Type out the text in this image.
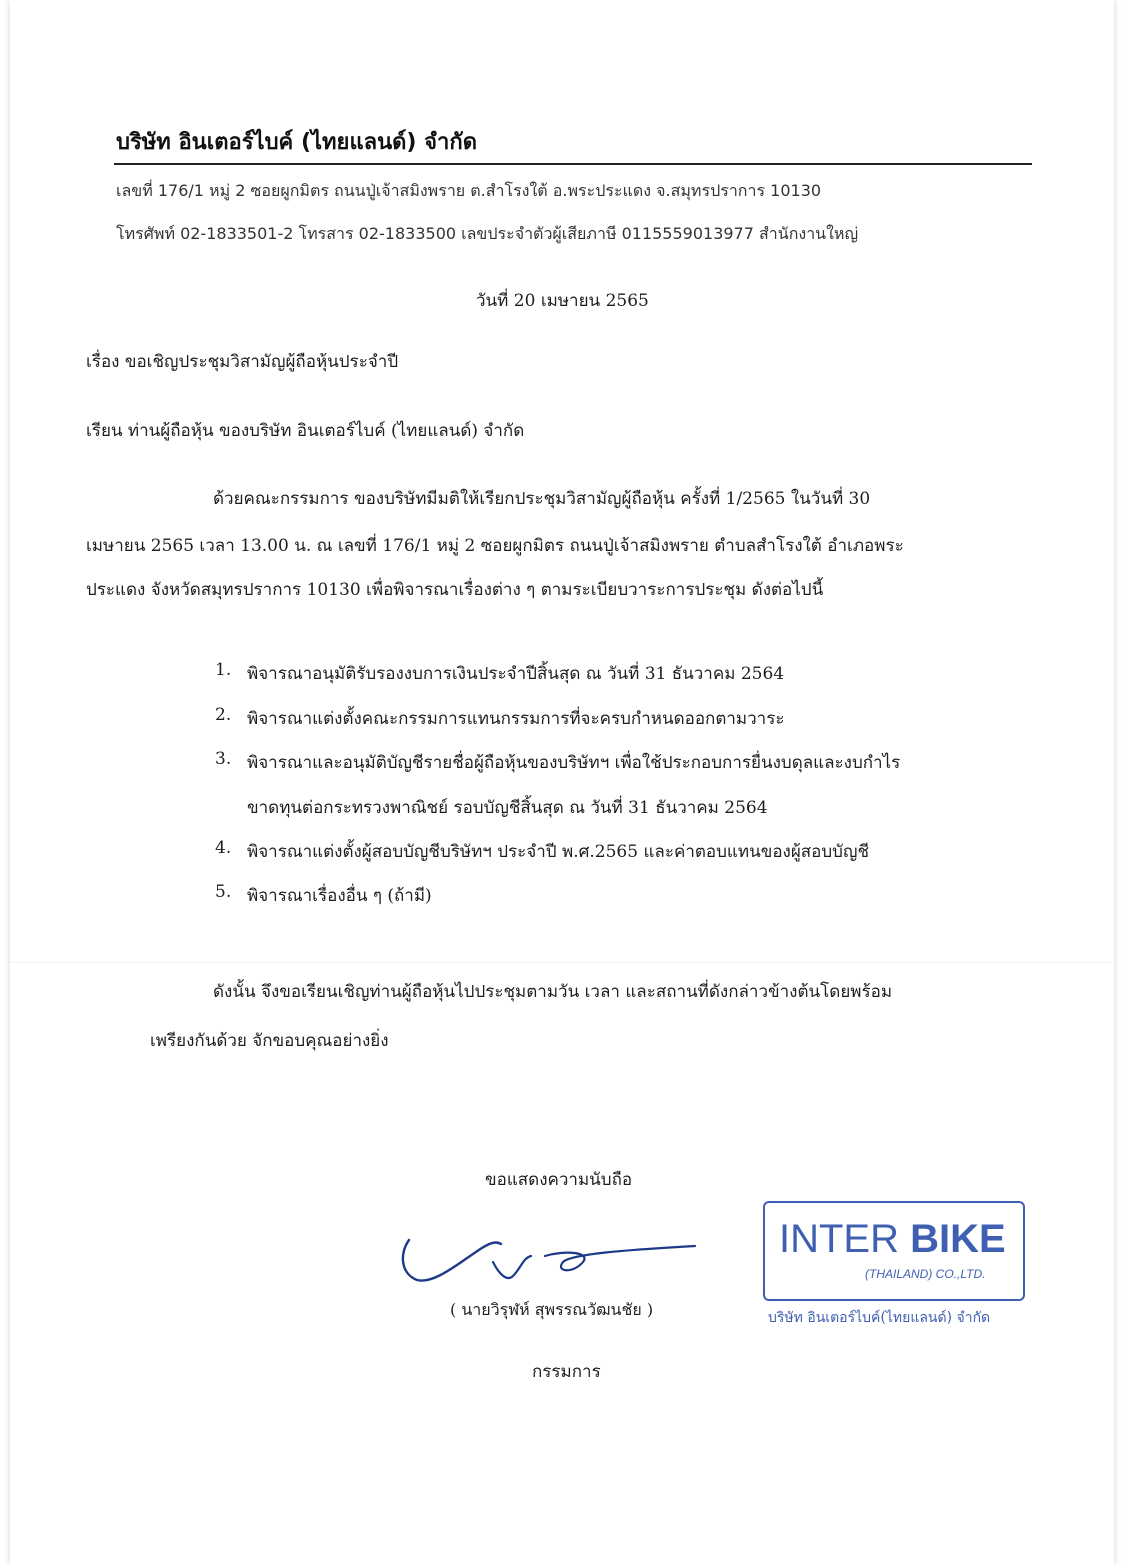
บริษัท อินเตอร์ไบค์ (ไทยแลนด์) จำกัด
เลขที่ 176/1 หมู่ 2 ซอยผูกมิตร ถนนปู่เจ้าสมิงพราย ต.สำโรงใต้ อ.พระประแดง จ.สมุทรปราการ 10130
โทรศัพท์ 02-1833501-2 โทรสาร 02-1833500 เลขประจำตัวผู้เสียภาษี 0115559013977 สำนักงานใหญ่
วันที่ 20 เมษายน 2565
เรื่อง ขอเชิญประชุมวิสามัญผู้ถือหุ้นประจำปี
เรียน ท่านผู้ถือหุ้น ของบริษัท อินเตอร์ไบค์ (ไทยแลนด์) จำกัด
ด้วยคณะกรรมการ ของบริษัทมีมติให้เรียกประชุมวิสามัญผู้ถือหุ้น ครั้งที่ 1/2565 ในวันที่ 30
เมษายน 2565 เวลา 13.00 น. ณ เลขที่ 176/1 หมู่ 2 ซอยผูกมิตร ถนนปู่เจ้าสมิงพราย ตำบลสำโรงใต้ อำเภอพระ
ประแดง จังหวัดสมุทรปราการ 10130 เพื่อพิจารณาเรื่องต่าง ๆ ตามระเบียบวาระการประชุม ดังต่อไปนี้
1. พิจารณาอนุมัติรับรองงบการเงินประจำปีสิ้นสุด ณ วันที่ 31 ธันวาคม 2564
2. พิจารณาแต่งตั้งคณะกรรมการแทนกรรมการที่จะครบกำหนดออกตามวาระ
3. พิจารณาและอนุมัติบัญชีรายชื่อผู้ถือหุ้นของบริษัทฯ เพื่อใช้ประกอบการยื่นงบดุลและงบกำไร
ขาดทุนต่อกระทรวงพาณิชย์ รอบบัญชีสิ้นสุด ณ วันที่ 31 ธันวาคม 2564
4. พิจารณาแต่งตั้งผู้สอบบัญชีบริษัทฯ ประจำปี พ.ศ.2565 และค่าตอบแทนของผู้สอบบัญชี
5. พิจารณาเรื่องอื่น ๆ (ถ้ามี)
ดังนั้น จึงขอเรียนเชิญท่านผู้ถือหุ้นไปประชุมตามวัน เวลา และสถานที่ดังกล่าวข้างต้นโดยพร้อม
เพรียงกันด้วย จักขอบคุณอย่างยิ่ง
ขอแสดงความนับถือ
( นายวิรุฬห์ สุพรรณวัฒนชัย )
กรรมการ
INTER BIKE
(THAILAND) CO.,LTD.
บริษัท อินเตอร์ไบค์(ไทยแลนด์) จำกัด
